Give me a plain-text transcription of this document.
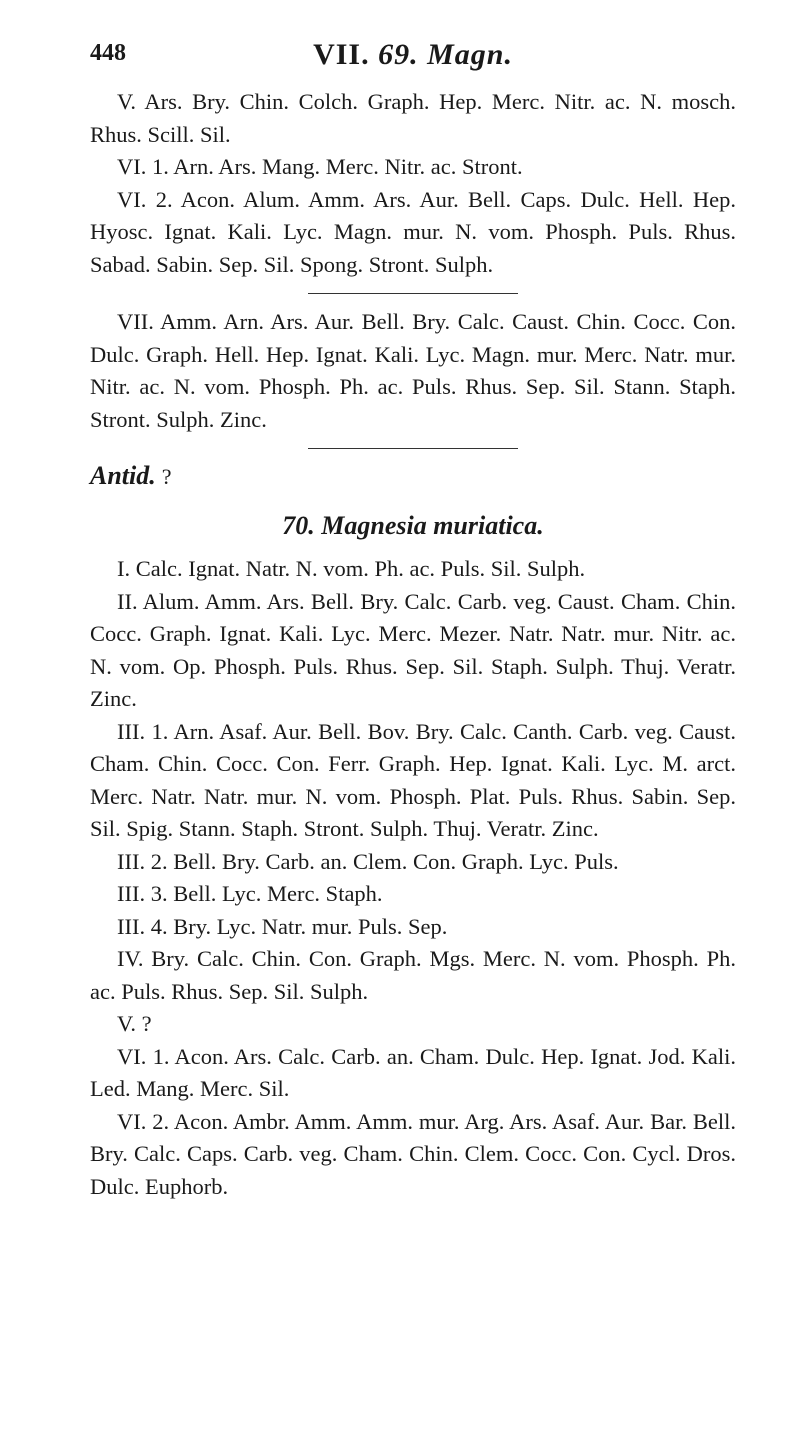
448	VII. 69. Magn.

V. Ars. Bry. Chin. Colch. Graph. Hep. Merc. Nitr. ac. N. mosch. Rhus. Scill. Sil.

VI. 1. Arn. Ars. Mang. Merc. Nitr. ac. Stront.

VI. 2. Acon. Alum. Amm. Ars. Aur. Bell. Caps. Dulc. Hell. Hep. Hyosc. Ignat. Kali. Lyc. Magn. mur. N. vom. Phosph. Puls. Rhus. Sabad. Sabin. Sep. Sil. Spong. Stront. Sulph.

VII. Amm. Arn. Ars. Aur. Bell. Bry. Calc. Caust. Chin. Cocc. Con. Dulc. Graph. Hell. Hep. Ignat. Kali. Lyc. Magn. mur. Merc. Natr. mur. Nitr. ac. N. vom. Phosph. Ph. ac. Puls. Rhus. Sep. Sil. Stann. Staph. Stront. Sulph. Zinc.

Antid. ?
70. Magnesia muriatica.

I. Calc. Ignat. Natr. N. vom. Ph. ac. Puls. Sil. Sulph.

II. Alum. Amm. Ars. Bell. Bry. Calc. Carb. veg. Caust. Cham. Chin. Cocc. Graph. Ignat. Kali. Lyc. Merc. Mezer. Natr. Natr. mur. Nitr. ac. N. vom. Op. Phosph. Puls. Rhus. Sep. Sil. Staph. Sulph. Thuj. Veratr. Zinc.

III. 1. Arn. Asaf. Aur. Bell. Bov. Bry. Calc. Canth. Carb. veg. Caust. Cham. Chin. Cocc. Con. Ferr. Graph. Hep. Ignat. Kali. Lyc. M. arct. Merc. Natr. Natr. mur. N. vom. Phosph. Plat. Puls. Rhus. Sabin. Sep. Sil. Spig. Stann. Staph. Stront. Sulph. Thuj. Veratr. Zinc.

III. 2. Bell. Bry. Carb. an. Clem. Con. Graph. Lyc. Puls.

III. 3. Bell. Lyc. Merc. Staph.

III. 4. Bry. Lyc. Natr. mur. Puls. Sep.

IV. Bry. Calc. Chin. Con. Graph. Mgs. Merc. N. vom. Phosph. Ph. ac. Puls. Rhus. Sep. Sil. Sulph.

V. ?

VI. 1. Acon. Ars. Calc. Carb. an. Cham. Dulc. Hep. Ignat. Jod. Kali. Led. Mang. Merc. Sil.

VI. 2. Acon. Ambr. Amm. Amm. mur. Arg. Ars. Asaf. Aur. Bar. Bell. Bry. Calc. Caps. Carb. veg. Cham. Chin. Clem. Cocc. Con. Cycl. Dros. Dulc. Euphorb.
